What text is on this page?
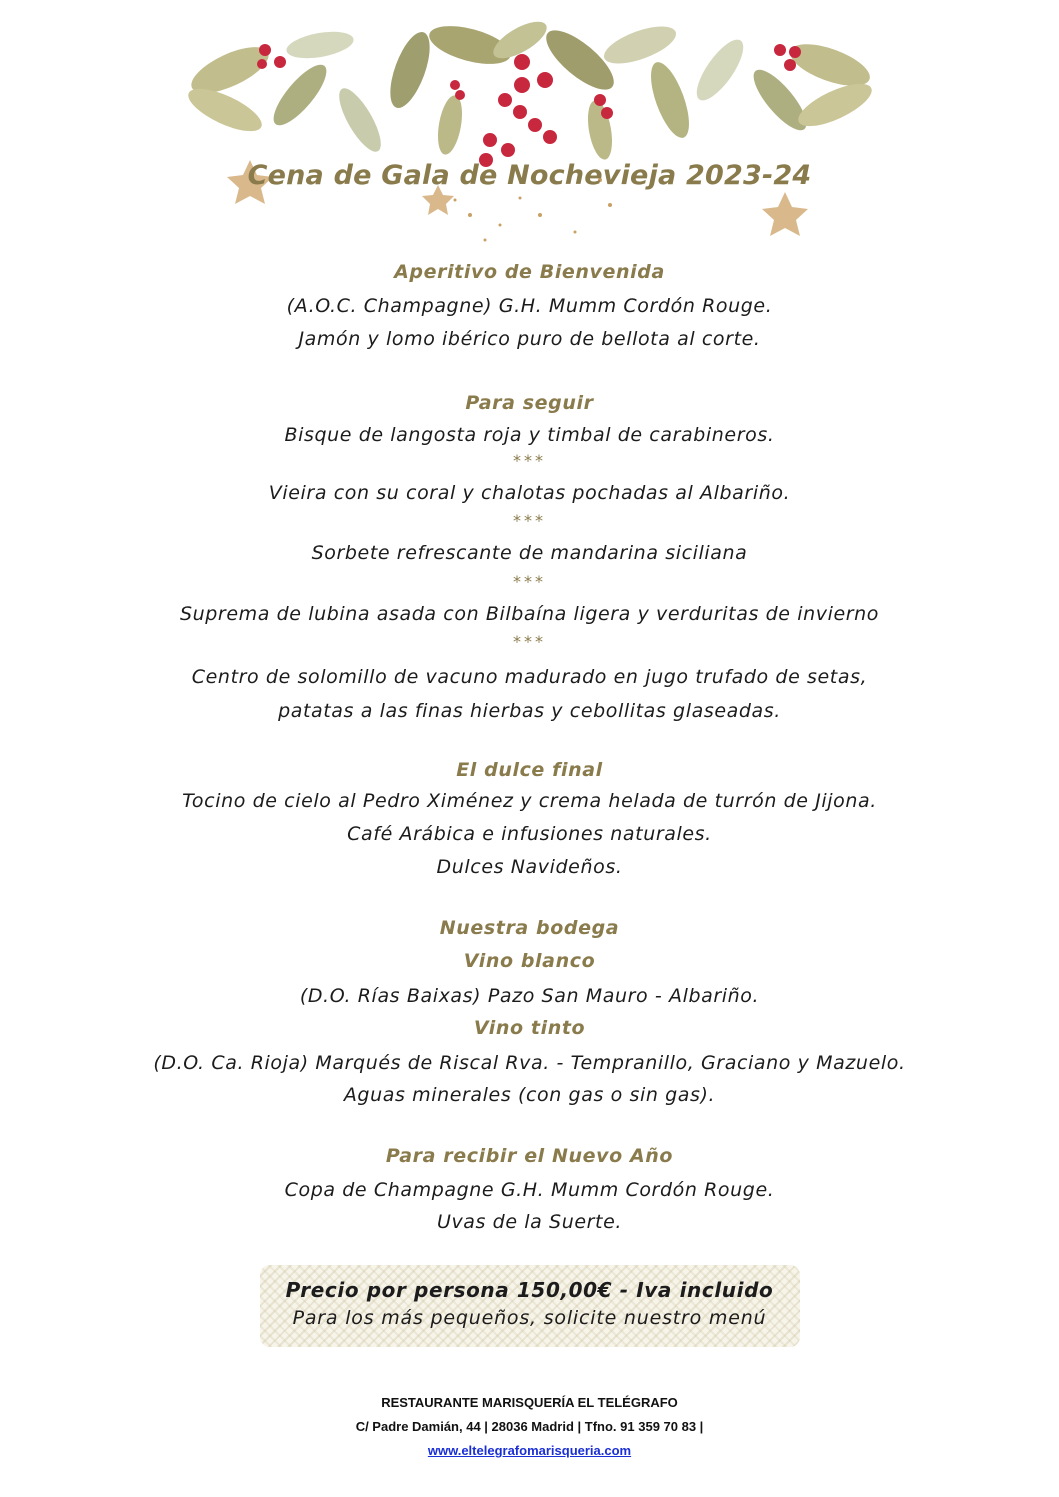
Cena de Gala de Nochevieja 2023-24
Aperitivo de Bienvenida
(A.O.C. Champagne) G.H. Mumm Cordón Rouge.
Jamón y lomo ibérico puro de bellota al corte.
Para seguir
Bisque de langosta roja y timbal de carabineros.
***
Vieira con su coral y chalotas pochadas al Albariño.
***
Sorbete refrescante de mandarina siciliana
***
Suprema de lubina asada con Bilbaína ligera y verduritas de invierno
***
Centro de solomillo de vacuno madurado en jugo trufado de setas,
patatas a las finas hierbas y cebollitas glaseadas.
El dulce final
Tocino de cielo al Pedro Ximénez y crema helada de turrón de Jijona.
Café Arábica e infusiones naturales.
Dulces Navideños.
Nuestra bodega
Vino blanco
(D.O. Rías Baixas) Pazo San Mauro - Albariño.
Vino tinto
(D.O. Ca. Rioja) Marqués de Riscal Rva. - Tempranillo, Graciano y Mazuelo.
Aguas minerales (con gas o sin gas).
Para recibir el Nuevo Año
Copa de Champagne G.H. Mumm Cordón Rouge.
Uvas de la Suerte.
Precio por persona 150,00€ - Iva incluido
Para los más pequeños, solicite nuestro menú
RESTAURANTE MARISQUERÍA EL TELÉGRAFO
C/ Padre Damián, 44 | 28036 Madrid | Tfno. 91 359 70 83 |
www.eltelegrafomarisqueria.com
